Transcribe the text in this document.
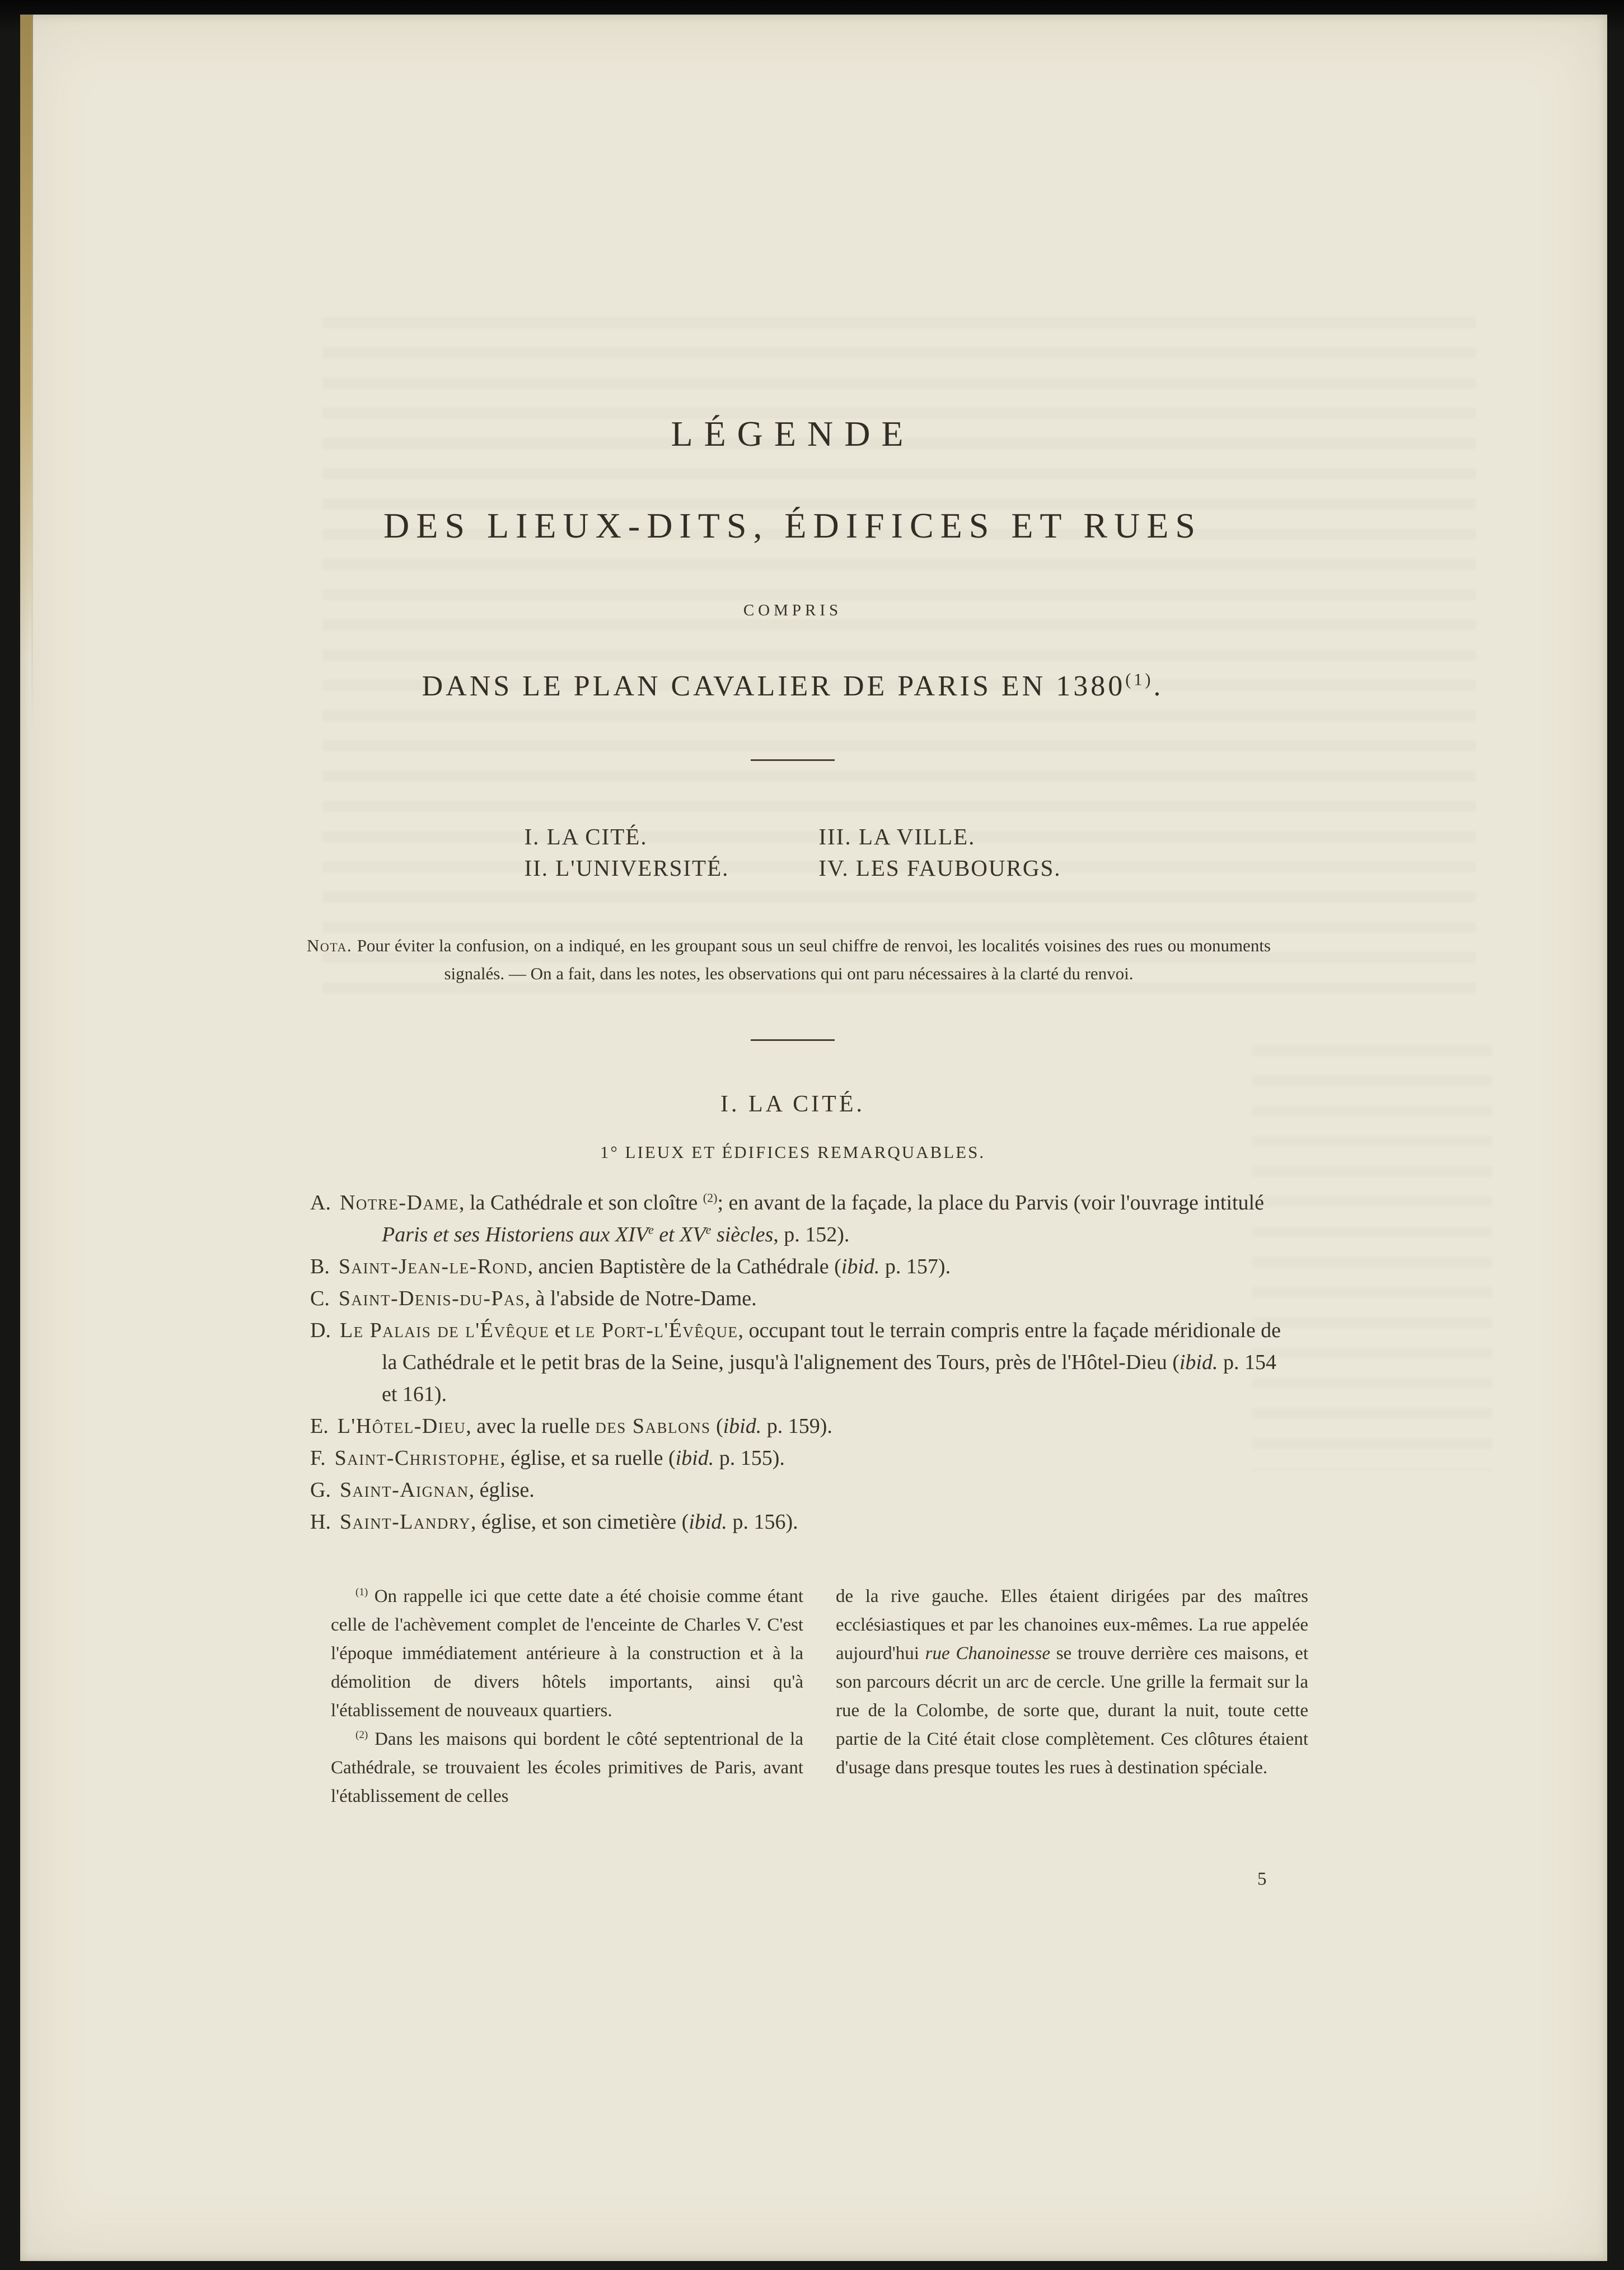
LÉGENDE
DES LIEUX-DITS, ÉDIFICES ET RUES
COMPRIS
DANS LE PLAN CAVALIER DE PARIS EN 1380$^{(1)}$.
I. LA CITÉ.
II. L'UNIVERSITÉ.
III. LA VILLE.
IV. LES FAUBOURGS.

Nota. Pour éviter la confusion, on a indiqué, en les groupant sous un seul chiffre de renvoi, les localités voisines des rues ou monuments signalés. — On a fait, dans les notes, les observations qui ont paru nécessaires à la clarté du renvoi.

I. LA CITÉ.
1° LIEUX ET ÉDIFICES REMARQUABLES.

A. Notre-Dame, la Cathédrale et son cloître $^{(2)}$; en avant de la façade, la place du Parvis (voir l'ouvrage intitulé Paris et ses Historiens aux XIVe et XVe siècles, p. 152).

B. Saint-Jean-le-Rond, ancien Baptistère de la Cathédrale (ibid. p. 157).

C. Saint-Denis-du-Pas, à l'abside de Notre-Dame.

D. Le Palais de l'Évêque et le Port-l'Évêque, occupant tout le terrain compris entre la façade méridionale de la Cathédrale et le petit bras de la Seine, jusqu'à l'alignement des Tours, près de l'Hôtel-Dieu (ibid. p. 154 et 161).

E. L'Hôtel-Dieu, avec la ruelle des Sablons (ibid. p. 159).

F. Saint-Christophe, église, et sa ruelle (ibid. p. 155).

G. Saint-Aignan, église.

H. Saint-Landry, église, et son cimetière (ibid. p. 156).

$^{(1)}$ On rappelle ici que cette date a été choisie comme étant celle de l'achèvement complet de l'enceinte de Charles V. C'est l'époque immédiatement antérieure à la construction et à la démolition de divers hôtels importants, ainsi qu'à l'établissement de nouveaux quartiers.

$^{(2)}$ Dans les maisons qui bordent le côté septentrional de la Cathédrale, se trouvaient les écoles primitives de Paris, avant l'établissement de celles

de la rive gauche. Elles étaient dirigées par des maîtres ecclésiastiques et par les chanoines eux-mêmes. La rue appelée aujourd'hui rue Chanoinesse se trouve derrière ces maisons, et son parcours décrit un arc de cercle. Une grille la fermait sur la rue de la Colombe, de sorte que, durant la nuit, toute cette partie de la Cité était close complètement. Ces clôtures étaient d'usage dans presque toutes les rues à destination spéciale.

5
